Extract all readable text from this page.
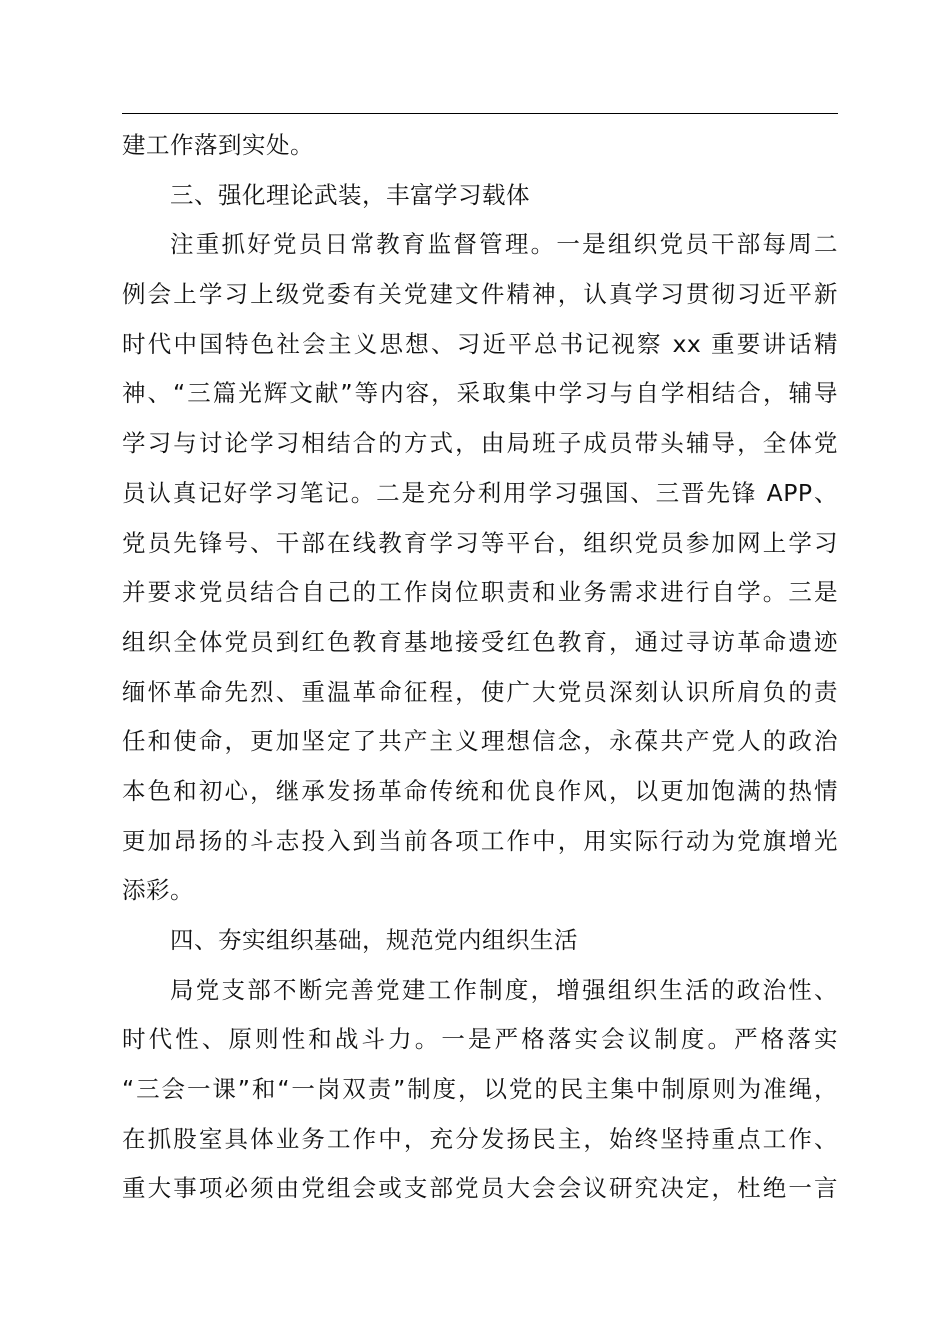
建工作落到实处。
三、强化理论武装，丰富学习载体
注重抓好党员日常教育监督管理。一是组织党员干部每周二
例会上学习上级党委有关党建文件精神，认真学习贯彻习近平新
时代中国特色社会主义思想、习近平总书记视察 xx 重要讲话精
神、“三篇光辉文献”等内容，采取集中学习与自学相结合，辅导
学习与讨论学习相结合的方式，由局班子成员带头辅导，全体党
员认真记好学习笔记。二是充分利用学习强国、三晋先锋 APP、
党员先锋号、干部在线教育学习等平台，组织党员参加网上学习
并要求党员结合自己的工作岗位职责和业务需求进行自学。三是
组织全体党员到红色教育基地接受红色教育，通过寻访革命遗迹
缅怀革命先烈、重温革命征程，使广大党员深刻认识所肩负的责
任和使命，更加坚定了共产主义理想信念，永葆共产党人的政治
本色和初心，继承发扬革命传统和优良作风，以更加饱满的热情
更加昂扬的斗志投入到当前各项工作中，用实际行动为党旗增光
添彩。
四、夯实组织基础，规范党内组织生活
局党支部不断完善党建工作制度，增强组织生活的政治性、
时代性、原则性和战斗力。一是严格落实会议制度。严格落实
“三会一课”和“一岗双责”制度，以党的民主集中制原则为准绳，
在抓股室具体业务工作中，充分发扬民主，始终坚持重点工作、
重大事项必须由党组会或支部党员大会会议研究决定，杜绝一言
